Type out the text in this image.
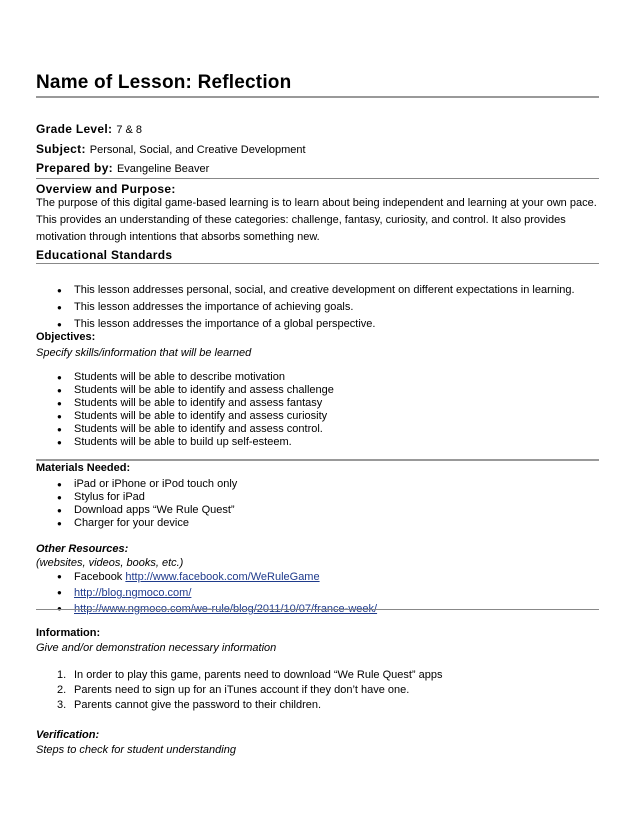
Name of Lesson: Reflection
Grade Level: 7 & 8
Subject: Personal, Social, and Creative Development
Prepared by: Evangeline Beaver
Overview and Purpose:
The purpose of this digital game-based learning is to learn about being independent and learning at your own pace. This provides an understanding of these categories: challenge, fantasy, curiosity, and control. It also provides motivation through intentions that absorbs something new.
Educational Standards
● This lesson addresses personal, social, and creative development on different expectations in learning.
● This lesson addresses the importance of achieving goals.
● This lesson addresses the importance of a global perspective.
Objectives:
Specify skills/information that will be learned
● Students will be able to describe motivation
● Students will be able to identify and assess challenge
● Students will be able to identify and assess fantasy
● Students will be able to identify and assess curiosity
● Students will be able to identify and assess control.
● Students will be able to build up self-esteem.
Materials Needed:
● iPad or iPhone or iPod touch only
● Stylus for iPad
● Download apps “We Rule Quest”
● Charger for your device
Other Resources:
(websites, videos, books, etc.)
● Facebook http://www.facebook.com/WeRuleGame
● http://blog.ngmoco.com/
● http://www.ngmoco.com/we-rule/blog/2011/10/07/france-week/
Information:
Give and/or demonstration necessary information
1. In order to play this game, parents need to download “We Rule Quest” apps
2. Parents need to sign up for an iTunes account if they don’t have one.
3. Parents cannot give the password to their children.
Verification:
Steps to check for student understanding
